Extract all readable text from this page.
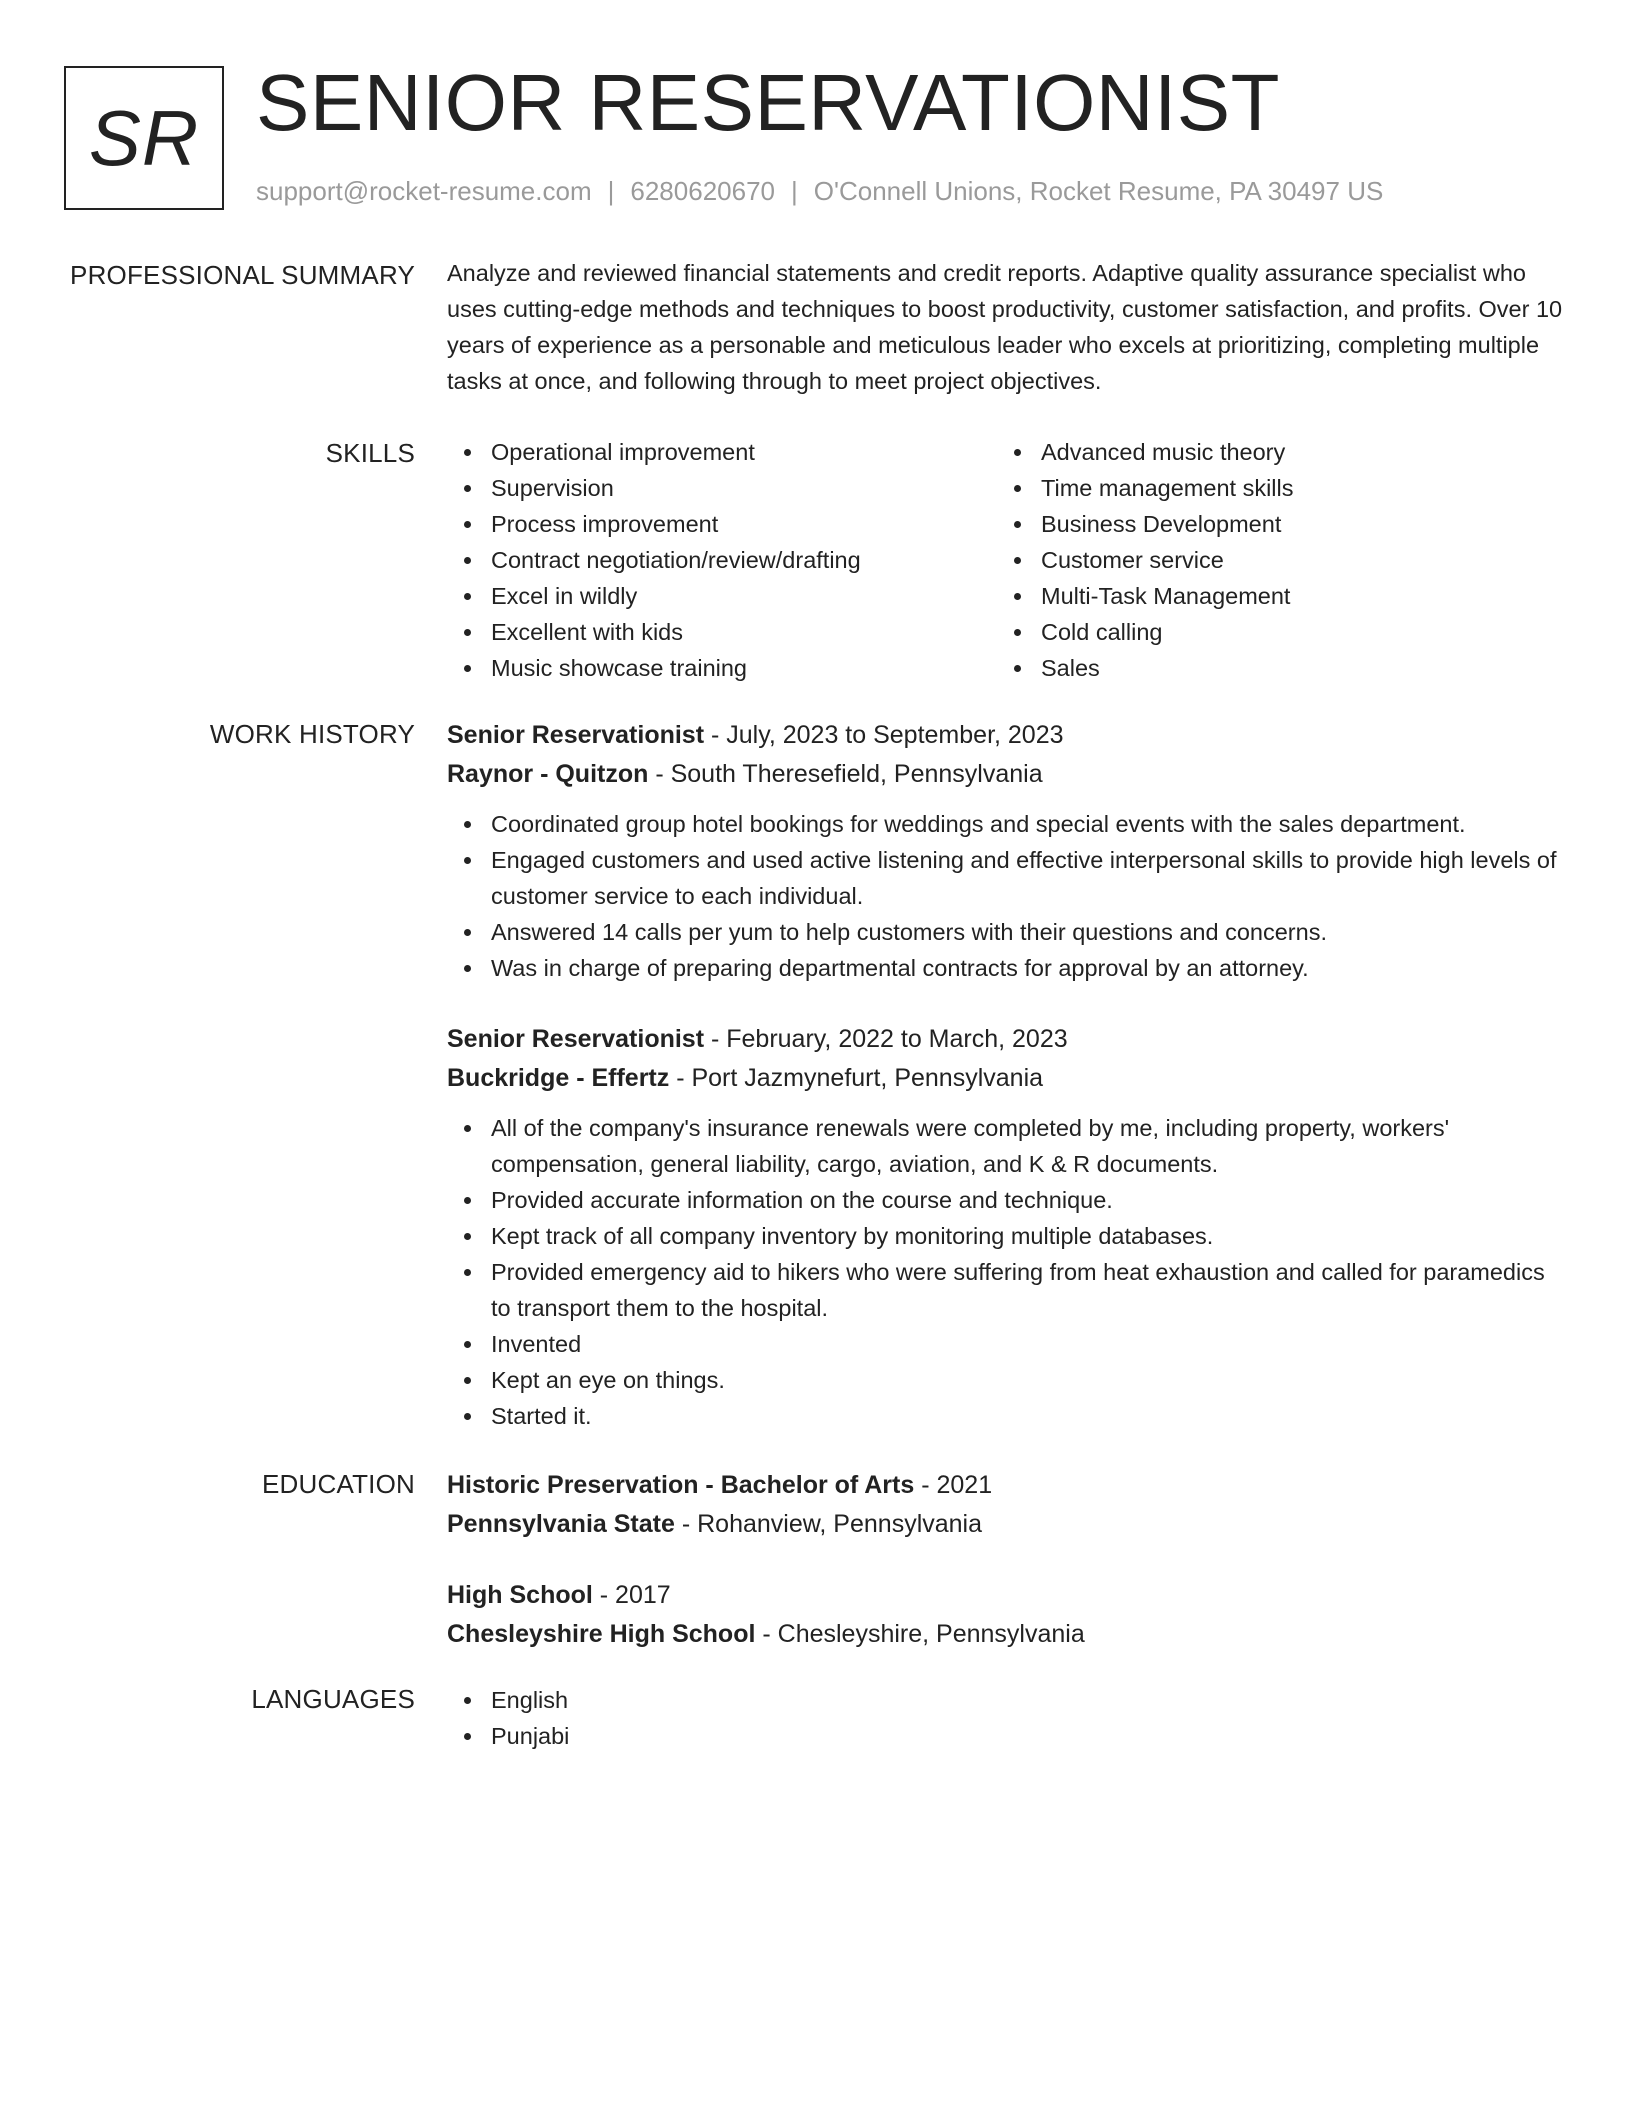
SR SENIOR RESERVATIONIST
support@rocket-resume.com | 6280620670 | O'Connell Unions, Rocket Resume, PA 30497 US
PROFESSIONAL SUMMARY Analyze and reviewed financial statements and credit reports. Adaptive quality assurance specialist who uses cutting-edge methods and techniques to boost productivity, customer satisfaction, and profits. Over 10 years of experience as a personable and meticulous leader who excels at prioritizing, completing multiple tasks at once, and following through to meet project objectives.
SKILLS	Operational improvement
Supervision
Process improvement
Contract negotiation/review/drafting
Excel in wildly
Excellent with kids
Music showcase training
Advanced music theory
Time management skills
Business Development
Customer service
Multi-Task Management
Cold calling
Sales
WORK HISTORY Senior Reservationist - July, 2023 to September, 2023
Raynor - Quitzon - South Theresefield, Pennsylvania
Coordinated group hotel bookings for weddings and special events with the sales department.
Engaged customers and used active listening and effective interpersonal skills to provide high levels of customer service to each individual.
Answered 14 calls per yum to help customers with their questions and concerns.
Was in charge of preparing departmental contracts for approval by an attorney.
Senior Reservationist - February, 2022 to March, 2023
Buckridge - Effertz - Port Jazmynefurt, Pennsylvania
All of the company's insurance renewals were completed by me, including property, workers' compensation, general liability, cargo, aviation, and K & R documents.
Provided accurate information on the course and technique.
Kept track of all company inventory by monitoring multiple databases.
Provided emergency aid to hikers who were suffering from heat exhaustion and called for paramedics to transport them to the hospital.
Invented
Kept an eye on things.
Started it.
EDUCATION Historic Preservation - Bachelor of Arts - 2021
Pennsylvania State - Rohanview, Pennsylvania
High School - 2017
Chesleyshire High School - Chesleyshire, Pennsylvania
LANGUAGES	English
Punjabi
